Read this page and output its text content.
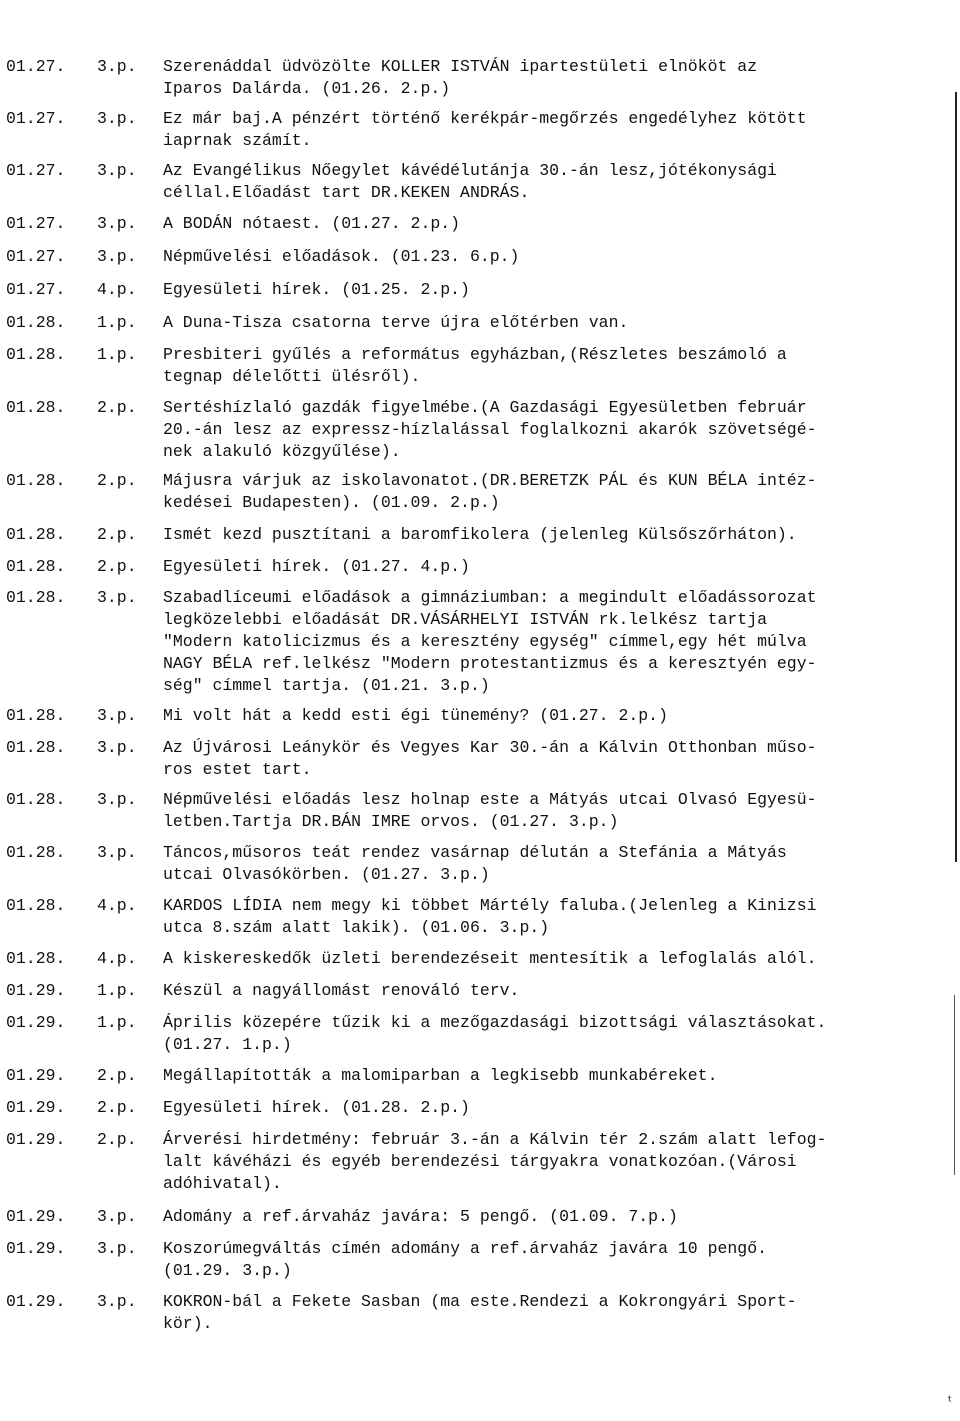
ᵗ
01.27. 3.p. Szerenáddal üdvözölte KOLLER ISTVÁN ipartestületi elnököt az
Iparos Dalárda. (01.26. 2.p.)
01.27. 3.p. Ez már baj.A pénzért történő kerékpár-megőrzés engedélyhez kötött
iaprnak számít.
01.27. 3.p. Az Evangélikus Nőegylet kávédélutánja 30.-án lesz,jótékonysági
céllal.Előadást tart DR.KEKEN ANDRÁS.
01.27. 3.p. A BODÁN nótaest. (01.27. 2.p.)
01.27. 3.p. Népművelési előadások. (01.23. 6.p.)
01.27. 4.p. Egyesületi hírek. (01.25. 2.p.)
01.28. 1.p. A Duna-Tisza csatorna terve újra előtérben van.
01.28. 1.p. Presbiteri gyűlés a református egyházban,(Részletes beszámoló a
tegnap délelőtti ülésről).
01.28. 2.p. Sertéshízlaló gazdák figyelmébe.(A Gazdasági Egyesületben február
20.-án lesz az expressz-hízlalással foglalkozni akarók szövetségé-
nek alakuló közgyűlése).
01.28. 2.p. Májusra várjuk az iskolavonatot.(DR.BERETZK PÁL és KUN BÉLA intéz-
kedései Budapesten). (01.09. 2.p.)
01.28. 2.p. Ismét kezd pusztítani a baromfikolera (jelenleg Külsőszőrháton).
01.28. 2.p. Egyesületi hírek. (01.27. 4.p.)
01.28. 3.p. Szabadlíceumi előadások a gimnáziumban: a megindult előadássorozat
legközelebbi előadását DR.VÁSÁRHELYI ISTVÁN rk.lelkész tartja
"Modern katolicizmus és a keresztény egység" címmel,egy hét múlva
NAGY BÉLA ref.lelkész "Modern protestantizmus és a keresztyén egy-
ség" címmel tartja. (01.21. 3.p.)
01.28. 3.p. Mi volt hát a kedd esti égi tünemény? (01.27. 2.p.)
01.28. 3.p. Az Újvárosi Leánykör és Vegyes Kar 30.-án a Kálvin Otthonban műso-
ros estet tart.
01.28. 3.p. Népművelési előadás lesz holnap este a Mátyás utcai Olvasó Egyesü-
letben.Tartja DR.BÁN IMRE orvos. (01.27. 3.p.)
01.28. 3.p. Táncos,műsoros teát rendez vasárnap délután a Stefánia a Mátyás
utcai Olvasókörben. (01.27. 3.p.)
01.28. 4.p. KARDOS LÍDIA nem megy ki többet Mártély faluba.(Jelenleg a Kinizsi
utca 8.szám alatt lakik). (01.06. 3.p.)
01.28. 4.p. A kiskereskedők üzleti berendezéseit mentesítik a lefoglalás alól.
01.29. 1.p. Készül a nagyállomást renováló terv.
01.29. 1.p. Április közepére tűzik ki a mezőgazdasági bizottsági választásokat.
(01.27. 1.p.)
01.29. 2.p. Megállapították a malomiparban a legkisebb munkabéreket.
01.29. 2.p. Egyesületi hírek. (01.28. 2.p.)
01.29. 2.p. Árverési hirdetmény: február 3.-án a Kálvin tér 2.szám alatt lefog-
lalt kávéházi és egyéb berendezési tárgyakra vonatkozóan.(Városi
adóhivatal).
01.29. 3.p. Adomány a ref.árvaház javára: 5 pengő. (01.09. 7.p.)
01.29. 3.p. Koszorúmegváltás címén adomány a ref.árvaház javára 10 pengő.
(01.29. 3.p.)
01.29. 3.p. KOKRON-bál a Fekete Sasban (ma este.Rendezi a Kokrongyári Sport-
kör).
